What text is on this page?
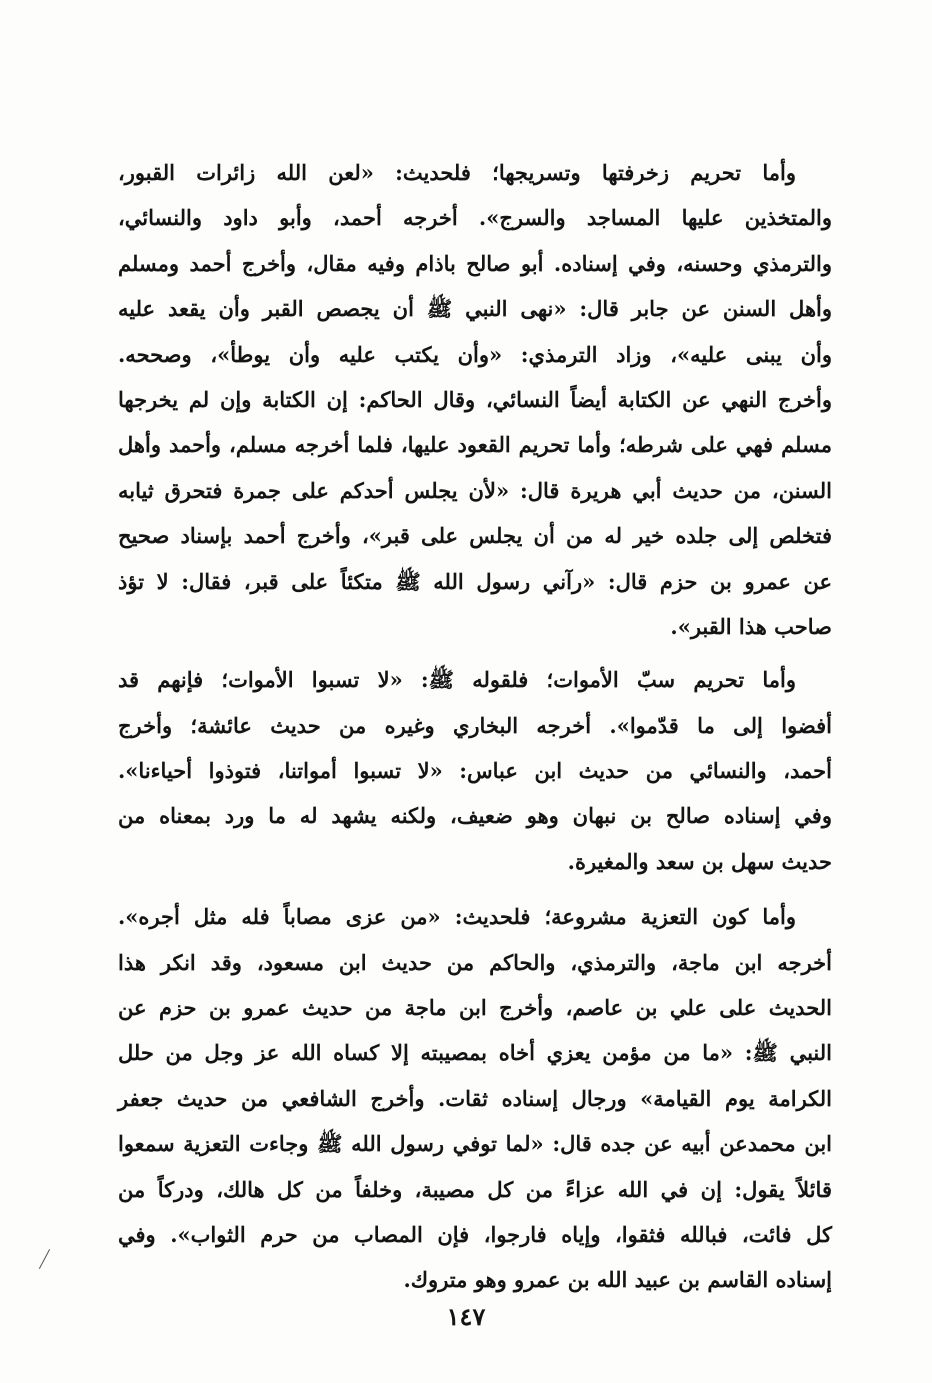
وأما تحريم زخرفتها وتسريجها؛ فلحديث: «لعن الله زائرات القبور،
والمتخذين عليها المساجد والسرج». أخرجه أحمد، وأبو داود والنسائي،
والترمذي وحسنه، وفي إسناده. أبو صالح باذام وفيه مقال، وأخرج أحمد ومسلم
وأهل السنن عن جابر قال: «نهى النبي ﷺ أن يجصص القبر وأن يقعد عليه
وأن يبنى عليه»، وزاد الترمذي: «وأن يكتب عليه وأن يوطأ»، وصححه.
وأخرج النهي عن الكتابة أيضاً النسائي، وقال الحاكم: إن الكتابة وإن لم يخرجها
مسلم فهي على شرطه؛ وأما تحريم القعود عليها، فلما أخرجه مسلم، وأحمد وأهل
السنن، من حديث أبي هريرة قال: «لأن يجلس أحدكم على جمرة فتحرق ثيابه
فتخلص إلى جلده خير له من أن يجلس على قبر»، وأخرج أحمد بإسناد صحيح
عن عمرو بن حزم قال: «رآني رسول الله ﷺ متكئاً على قبر، فقال: لا تؤذ
صاحب هذا القبر».
وأما تحريم سبّ الأموات؛ فلقوله ﷺ: «لا تسبوا الأموات؛ فإنهم قد
أفضوا إلى ما قدّموا». أخرجه البخاري وغيره من حديث عائشة؛ وأخرج
أحمد، والنسائي من حديث ابن عباس: «لا تسبوا أمواتنا، فتوذوا أحياءنا».
وفي إسناده صالح بن نبهان وهو ضعيف، ولكنه يشهد له ما ورد بمعناه من
حديث سهل بن سعد والمغيرة.
وأما كون التعزية مشروعة؛ فلحديث: «من عزى مصاباً فله مثل أجره».
أخرجه ابن ماجة، والترمذي، والحاكم من حديث ابن مسعود، وقد انكر هذا
الحديث على علي بن عاصم، وأخرج ابن ماجة من حديث عمرو بن حزم عن
النبي ﷺ: «ما من مؤمن يعزي أخاه بمصيبته إلا كساه الله عز وجل من حلل
الكرامة يوم القيامة» ورجال إسناده ثقات. وأخرج الشافعي من حديث جعفر
ابن محمدعن أبيه عن جده قال: «لما توفي رسول الله ﷺ وجاءت التعزية سمعوا
قائلاً يقول: إن في الله عزاءً من كل مصيبة، وخلفاً من كل هالك، ودركاً من
كل فائت، فبالله فثقوا، وإياه فارجوا، فإن المصاب من حرم الثواب». وفي
إسناده القاسم بن عبيد الله بن عمرو وهو متروك.
١٤٧
